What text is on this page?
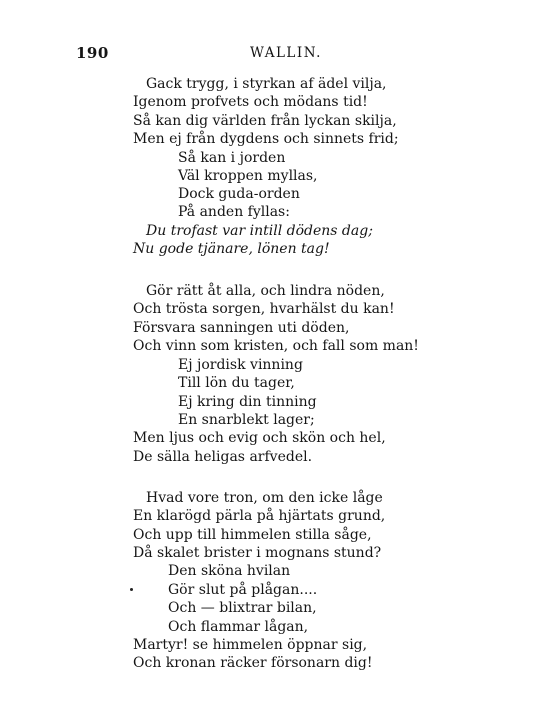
190	WALLIN.
Gack trygg, i styrkan af ädel vilja,
Igenom profvets och mödans tid!
Så kan dig världen från lyckan skilja,
Men ej från dygdens och sinnets frid;
Så kan i jorden
Väl kroppen myllas,
Dock guda-orden
På anden fyllas:
Du trofast var intill dödens dag;
Nu gode tjänare, lönen tag!
Gör rätt åt alla, och lindra nöden,
Och trösta sorgen, hvarhälst du kan!
Försvara sanningen uti döden,
Och vinn som kristen, och fall som man!
Ej jordisk vinning
Till lön du tager,
Ej kring din tinning
En snarblekt lager;
Men ljus och evig och skön och hel,
De sälla heligas arfvedel.
Hvad vore tron, om den icke låge
En klarögd pärla på hjärtats grund,
Och upp till himmelen stilla såge,
Då skalet brister i mognans stund?
Den sköna hvilan
Gör slut på plågan....
Och — blixtrar bilan,
Och flammar lågan,
Martyr! se himmelen öppnar sig,
Och kronan räcker försonarn dig!
